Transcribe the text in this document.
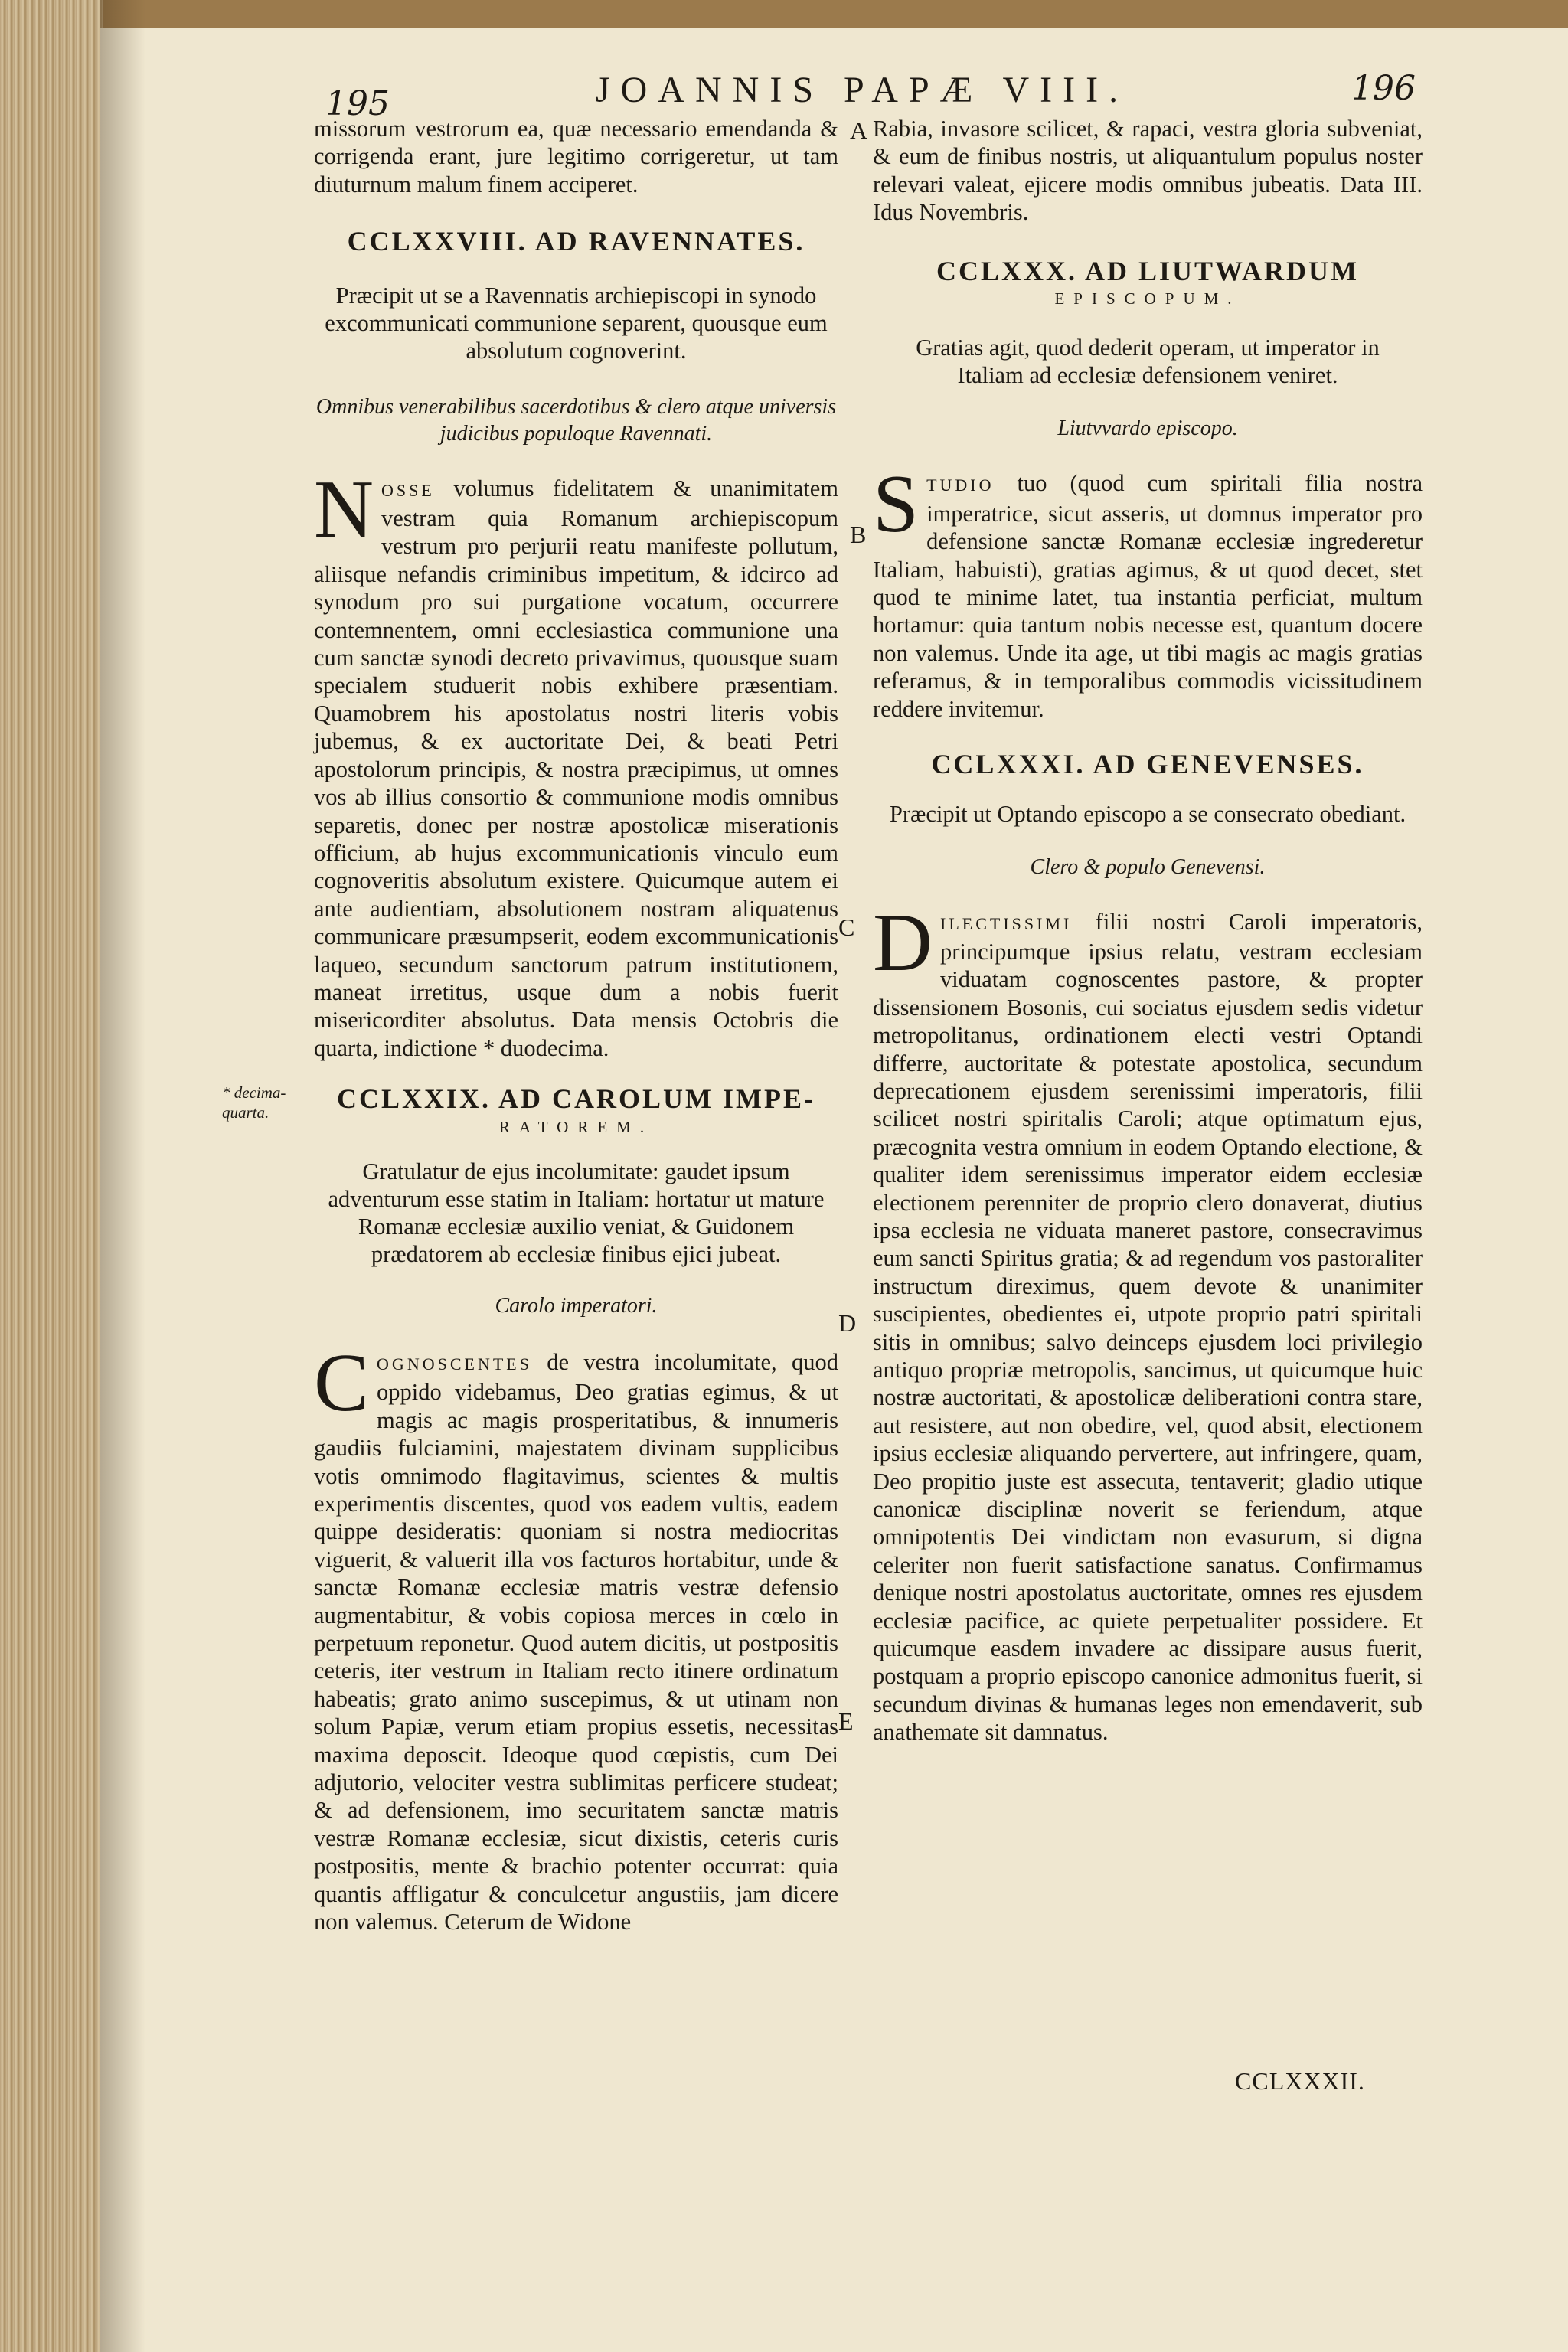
195	JOANNIS PAPÆ VIII.	196

missorum vestrorum ea, quæ necessario emendanda & corrigenda erant, jure legitimo corrigeretur, ut tam diuturnum malum finem acciperet.

CCLXXVIII. AD RAVENNATES.

Præcipit ut se a Ravennatis archiepiscopi in synodo excommunicati communione separent, quousque eum absolutum cognoverint.

Omnibus venerabilibus sacerdotibus & clero atque universis judicibus populoque Ravennati.

NOSSE volumus fidelitatem & unanimitatem vestram quia Romanum archiepiscopum vestrum pro perjurii reatu manifeste pollutum, aliisque nefandis criminibus impetitum, & idcirco ad synodum pro sui purgatione vocatum, occurrere contemnentem, omni ecclesiastica communione una cum sanctæ synodi decreto privavimus, quousque suam specialem studuerit nobis exhibere præsentiam. Quamobrem his apostolatus nostri literis vobis jubemus, & ex auctoritate Dei, & beati Petri apostolorum principis, & nostra præcipimus, ut omnes vos ab illius consortio & communione modis omnibus separetis, donec per nostræ apostolicæ miserationis officium, ab hujus excommunicationis vinculo eum cognoveritis absolutum existere. Quicumque autem ei ante audientiam, absolutionem nostram aliquatenus communicare præsumpserit, eodem excommunicationis laqueo, secundum sanctorum patrum institutionem, maneat irretitus, usque dum a nobis fuerit misericorditer absolutus. Data mensis Octobris die quarta, indictione * duodecima.

CCLXXIX. AD CAROLUM IMPE-

RATOREM.

Gratulatur de ejus incolumitate: gaudet ipsum adventurum esse statim in Italiam: hortatur ut mature Romanæ ecclesiæ auxilio veniat, & Guidonem prædatorem ab ecclesiæ finibus ejici jubeat.

Carolo imperatori.

COGNOSCENTES de vestra incolumitate, quod oppido videbamus, Deo gratias egimus, & ut magis ac magis prosperitatibus, & innumeris gaudiis fulciamini, majestatem divinam supplicibus votis omnimodo flagitavimus, scientes & multis experimentis discentes, quod vos eadem vultis, eadem quippe desideratis: quoniam si nostra mediocritas viguerit, & valuerit illa vos facturos hortabitur, unde & sanctæ Romanæ ecclesiæ matris vestræ defensio augmentabitur, & vobis copiosa merces in cœlo in perpetuum reponetur. Quod autem dicitis, ut postpositis ceteris, iter vestrum in Italiam recto itinere ordinatum habeatis; grato animo suscepimus, & ut utinam non solum Papiæ, verum etiam propius essetis, necessitas maxima deposcit. Ideoque quod cœpistis, cum Dei adjutorio, velociter vestra sublimitas perficere studeat; & ad defensionem, imo securitatem sanctæ matris vestræ Romanæ ecclesiæ, sicut dixistis, ceteris curis postpositis, mente & brachio potenter occurrat: quia quantis affligatur & conculcetur angustiis, jam dicere non valemus. Ceterum de Widone

Rabia, invasore scilicet, & rapaci, vestra gloria subveniat, & eum de finibus nostris, ut aliquantulum populus noster relevari valeat, ejicere modis omnibus jubeatis. Data III. Idus Novembris.

CCLXXX. AD LIUTWARDUM

EPISCOPUM.

Gratias agit, quod dederit operam, ut imperator in Italiam ad ecclesiæ defensionem veniret.

Liutvvardo episcopo.

STUDIO tuo (quod cum spiritali filia nostra imperatrice, sicut asseris, ut domnus imperator pro defensione sanctæ Romanæ ecclesiæ ingrederetur Italiam, habuisti), gratias agimus, & ut quod decet, stet quod te minime latet, tua instantia perficiat, multum hortamur: quia tantum nobis necesse est, quantum docere non valemus. Unde ita age, ut tibi magis ac magis gratias referamus, & in temporalibus commodis vicissitudinem reddere invitemur.

CCLXXXI. AD GENEVENSES.

Præcipit ut Optando episcopo a se consecrato obediant.

Clero & populo Genevensi.

DILECTISSIMI filii nostri Caroli imperatoris, principumque ipsius relatu, vestram ecclesiam viduatam cognoscentes pastore, & propter dissensionem Bosonis, cui sociatus ejusdem sedis videtur metropolitanus, ordinationem electi vestri Optandi differre, auctoritate & potestate apostolica, secundum deprecationem ejusdem serenissimi imperatoris, filii scilicet nostri spiritalis Caroli; atque optimatum ejus, præcognita vestra omnium in eodem Optando electione, & qualiter idem serenissimus imperator eidem ecclesiæ electionem perenniter de proprio clero donaverat, diutius ipsa ecclesia ne viduata maneret pastore, consecravimus eum sancti Spiritus gratia; & ad regendum vos pastoraliter instructum direximus, quem devote & unanimiter suscipientes, obedientes ei, utpote proprio patri spiritali sitis in omnibus; salvo deinceps ejusdem loci privilegio antiquo propriæ metropolis, sancimus, ut quicumque huic nostræ auctoritati, & apostolicæ deliberationi contra stare, aut resistere, aut non obedire, vel, quod absit, electionem ipsius ecclesiæ aliquando pervertere, aut infringere, quam, Deo propitio juste est assecuta, tentaverit; gladio utique canonicæ disciplinæ noverit se feriendum, atque omnipotentis Dei vindictam non evasurum, si digna celeriter non fuerit satisfactione sanatus. Confirmamus denique nostri apostolatus auctoritate, omnes res ejusdem ecclesiæ pacifice, ac quiete perpetualiter possidere. Et quicumque easdem invadere ac dissipare ausus fuerit, postquam a proprio episcopo canonice admonitus fuerit, si secundum divinas & humanas leges non emendaverit, sub anathemate sit damnatus.

A
B
C
D
E
* decima-
quarta.
CCLXXXII.
